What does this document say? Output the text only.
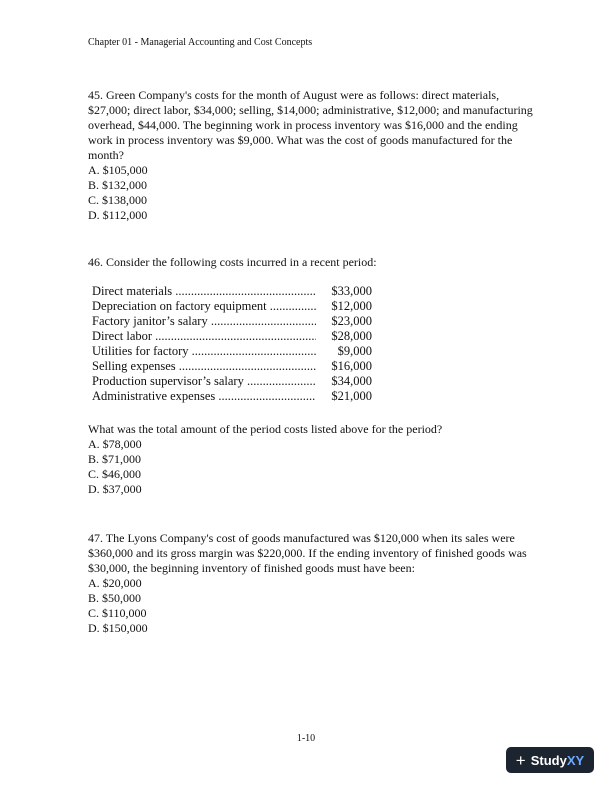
Chapter 01 - Managerial Accounting and Cost Concepts

45. Green Company's costs for the month of August were as follows: direct materials, $27,000; direct labor, $34,000; selling, $14,000; administrative, $12,000; and manufacturing overhead, $44,000. The beginning work in process inventory was $16,000 and the ending work in process inventory was $9,000. What was the cost of goods manufactured for the month?

A. $105,000

B. $132,000

C. $138,000

D. $112,000

46. Consider the following costs incurred in a recent period:

Direct materials .....	$33,000
Depreciation on factory equipment .....	$12,000
Factory janitor’s salary .....	$23,000
Direct labor .....	$28,000
Utilities for factory .....	$9,000
Selling expenses .....	$16,000
Production supervisor’s salary .....	$34,000
Administrative expenses .....	$21,000

What was the total amount of the period costs listed above for the period?

A. $78,000

B. $71,000

C. $46,000

D. $37,000

47. The Lyons Company's cost of goods manufactured was $120,000 when its sales were $360,000 and its gross margin was $220,000. If the ending inventory of finished goods was $30,000, the beginning inventory of finished goods must have been:

A. $20,000

B. $50,000

C. $110,000

D. $150,000

1-10
+ StudyXY
